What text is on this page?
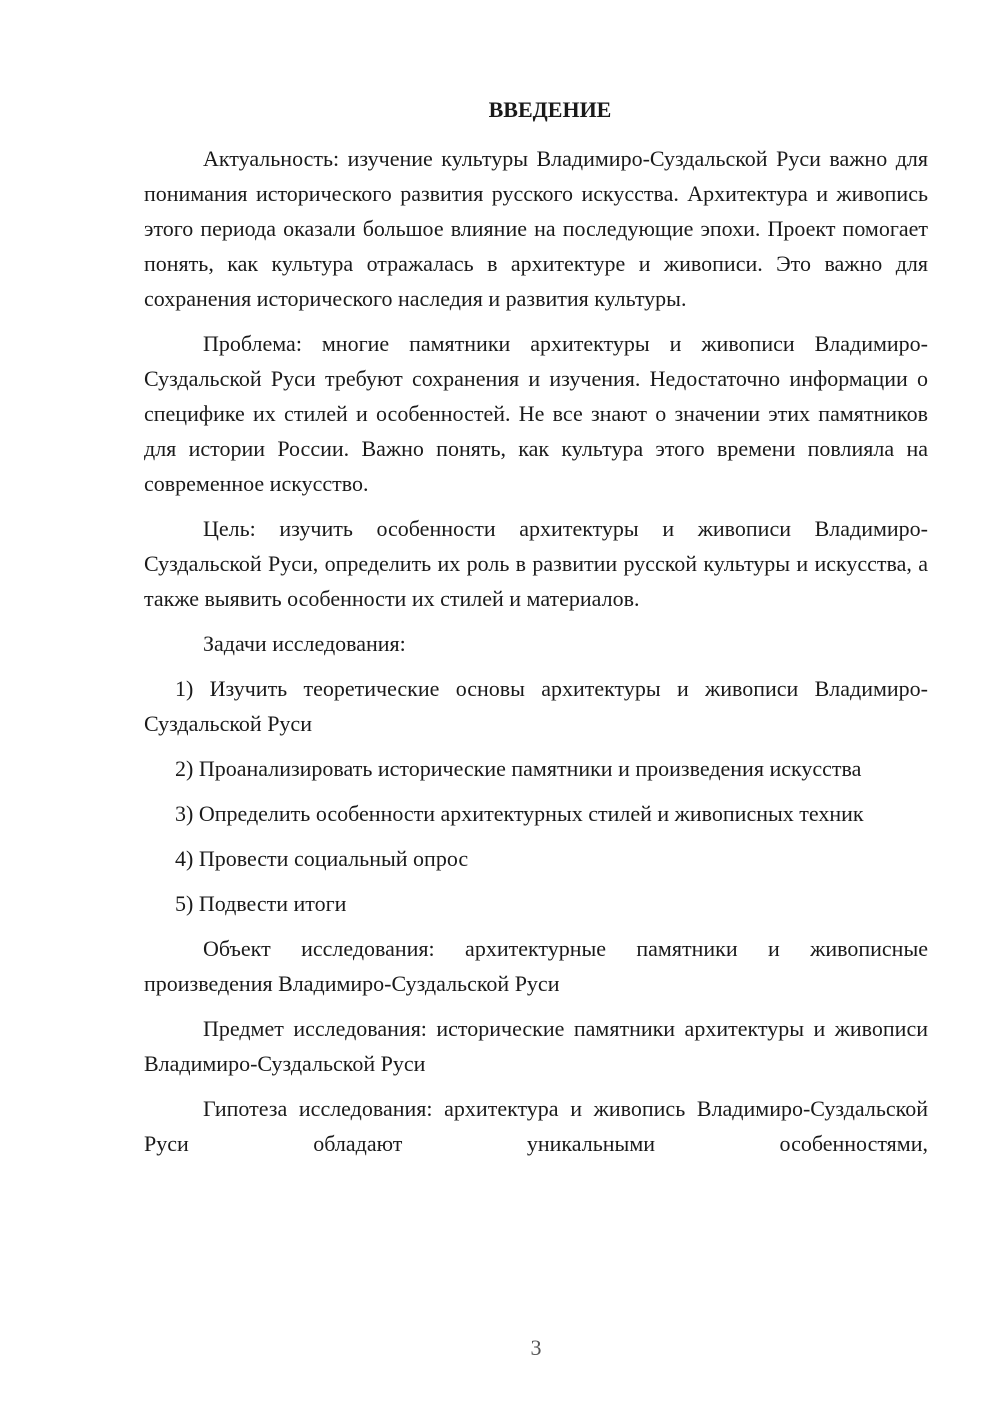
ВВЕДЕНИЕ

Актуальность: изучение культуры Владимиро-Суздальской Руси важно для понимания исторического развития русского искусства. Архитектура и живопись этого периода оказали большое влияние на последующие эпохи. Проект помогает понять, как культура отражалась в архитектуре и живописи. Это важно для сохранения исторического наследия и развития культуры.

Проблема: многие памятники архитектуры и живописи Владимиро-Суздальской Руси требуют сохранения и изучения. Недостаточно информации о специфике их стилей и особенностей. Не все знают о значении этих памятников для истории России. Важно понять, как культура этого времени повлияла на современное искусство.

Цель: изучить особенности архитектуры и живописи Владимиро-Суздальской Руси, определить их роль в развитии русской культуры и искусства, а также выявить особенности их стилей и материалов.

Задачи исследования:

1) Изучить теоретические основы архитектуры и живописи Владимиро-Суздальской Руси

2) Проанализировать исторические памятники и произведения искусства

3) Определить особенности архитектурных стилей и живописных техник

4) Провести социальный опрос

5) Подвести итоги

Объект исследования: архитектурные памятники и живописные произведения Владимиро-Суздальской Руси

Предмет исследования: исторические памятники архитектуры и живописи Владимиро-Суздальской Руси

Гипотеза исследования: архитектура и живопись Владимиро-Суздальской Руси обладают уникальными особенностями,

3
